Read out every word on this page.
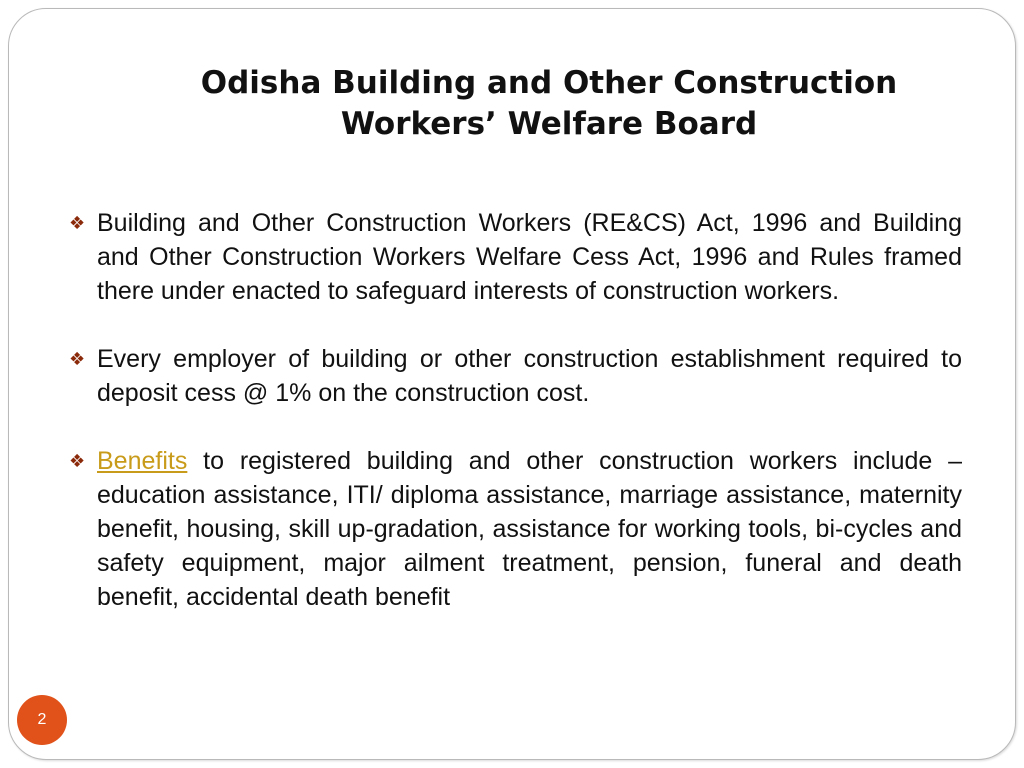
Odisha Building and Other Construction
Workers’ Welfare Board
❖ Building and Other Construction Workers (RE&CS) Act, 1996 and Building and Other Construction Workers Welfare Cess Act, 1996 and Rules framed there under enacted to safeguard interests of construction workers.
❖ Every employer of building or other construction establishment required to deposit cess @ 1% on the construction cost.
❖ Benefits to registered building and other construction workers include – education assistance, ITI/ diploma assistance, marriage assistance, maternity benefit, housing, skill up-gradation, assistance for working tools, bi-cycles and safety equipment, major ailment treatment, pension, funeral and death benefit, accidental death benefit
2
